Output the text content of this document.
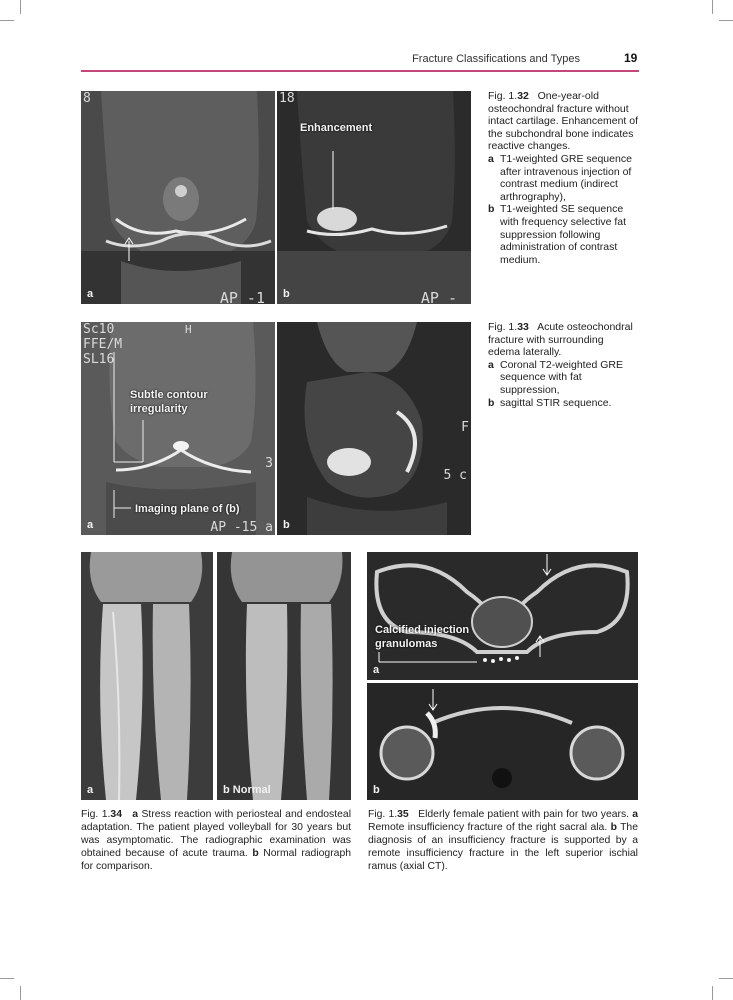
Fracture Classifications and Types	19
8
AP -1
a
18
Enhancement
AP -
b
Fig. 1.32 One-year-old osteochondral fracture without intact cartilage. Enhancement of the subchondral bone indicates reactive changes.
a T1-weighted GRE sequence after intravenous injection of contrast medium (indirect arthrography),
b T1-weighted SE sequence with frequency selective fat suppression following administration of contrast medium.
Sc10
FFE/M
SL16
H
3
Subtle contour
irregularity
Imaging plane of (b)
AP -15 a
a
F
5 c
b
Fig. 1.33 Acute osteochondral fracture with surrounding edema laterally.
a Coronal T2-weighted GRE sequence with fat suppression,
b sagittal STIR sequence.
a	b Normal
Fig. 1.34 a Stress reaction with periosteal and endosteal adaptation. The patient played volleyball for 30 years but was asymptomatic. The radiographic examination was obtained because of acute trauma. b Normal radiograph for comparison.
Calcified injection
granulomas
a
b
Fig. 1.35 Elderly female patient with pain for two years. a Remote insufficiency fracture of the right sacral ala. b The diagnosis of an insufficiency fracture is supported by a remote insufficiency fracture in the left superior ischial ramus (axial CT).
